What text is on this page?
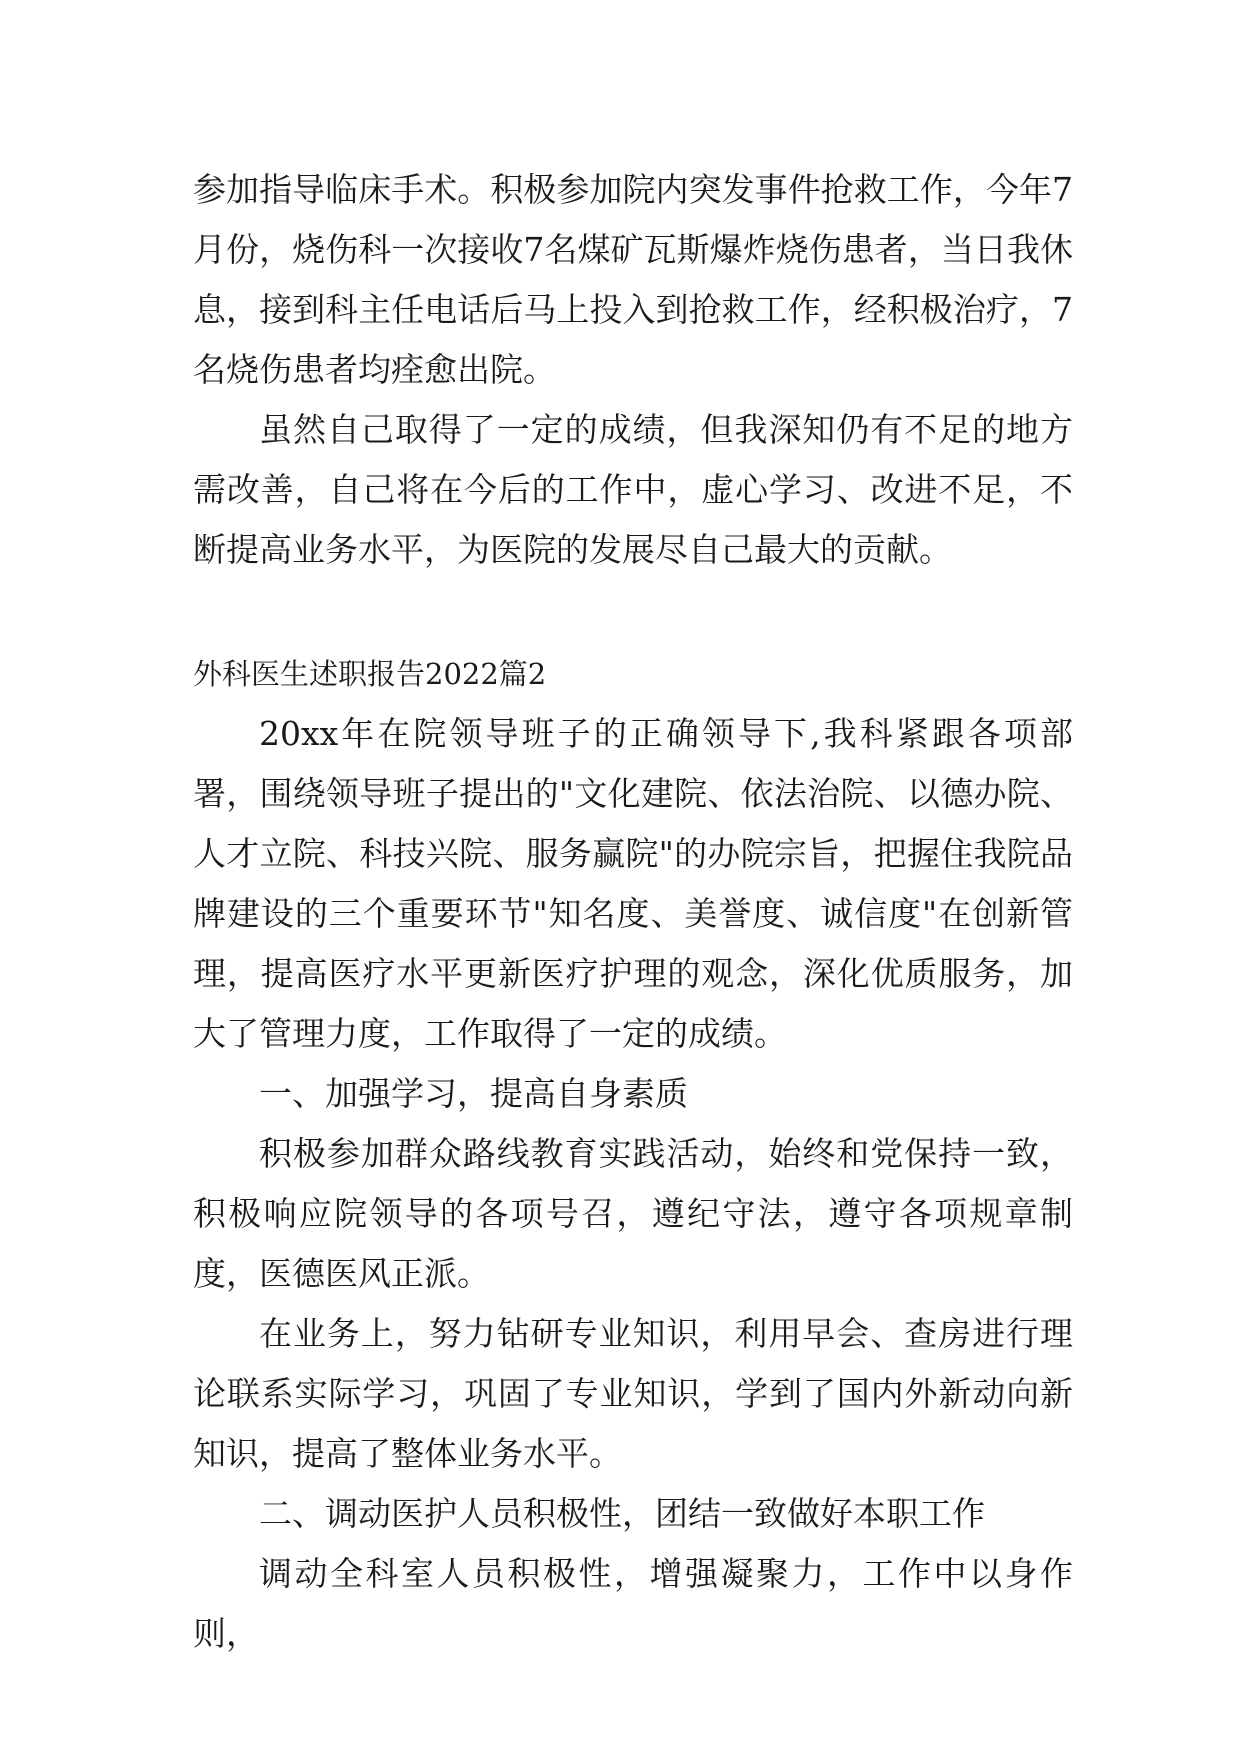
参加指导临床手术。积极参加院内突发事件抢救工作，今年7月份，烧伤科一次接收7名煤矿瓦斯爆炸烧伤患者，当日我休息，接到科主任电话后马上投入到抢救工作，经积极治疗，7名烧伤患者均痊愈出院。

虽然自己取得了一定的成绩，但我深知仍有不足的地方需改善，自己将在今后的工作中，虚心学习、改进不足，不断提高业务水平，为医院的发展尽自己最大的贡献。

外科医生述职报告2022篇2

20xx年在院领导班子的正确领导下,我科紧跟各项部署，围绕领导班子提出的"文化建院、依法治院、以德办院、人才立院、科技兴院、服务赢院"的办院宗旨，把握住我院品牌建设的三个重要环节"知名度、美誉度、诚信度"在创新管理，提高医疗水平更新医疗护理的观念，深化优质服务，加大了管理力度，工作取得了一定的成绩。

一、加强学习，提高自身素质

积极参加群众路线教育实践活动，始终和党保持一致，积极响应院领导的各项号召，遵纪守法，遵守各项规章制度，医德医风正派。

在业务上，努力钻研专业知识，利用早会、查房进行理论联系实际学习，巩固了专业知识，学到了国内外新动向新知识，提高了整体业务水平。

二、调动医护人员积极性，团结一致做好本职工作

调动全科室人员积极性，增强凝聚力，工作中以身作则，
